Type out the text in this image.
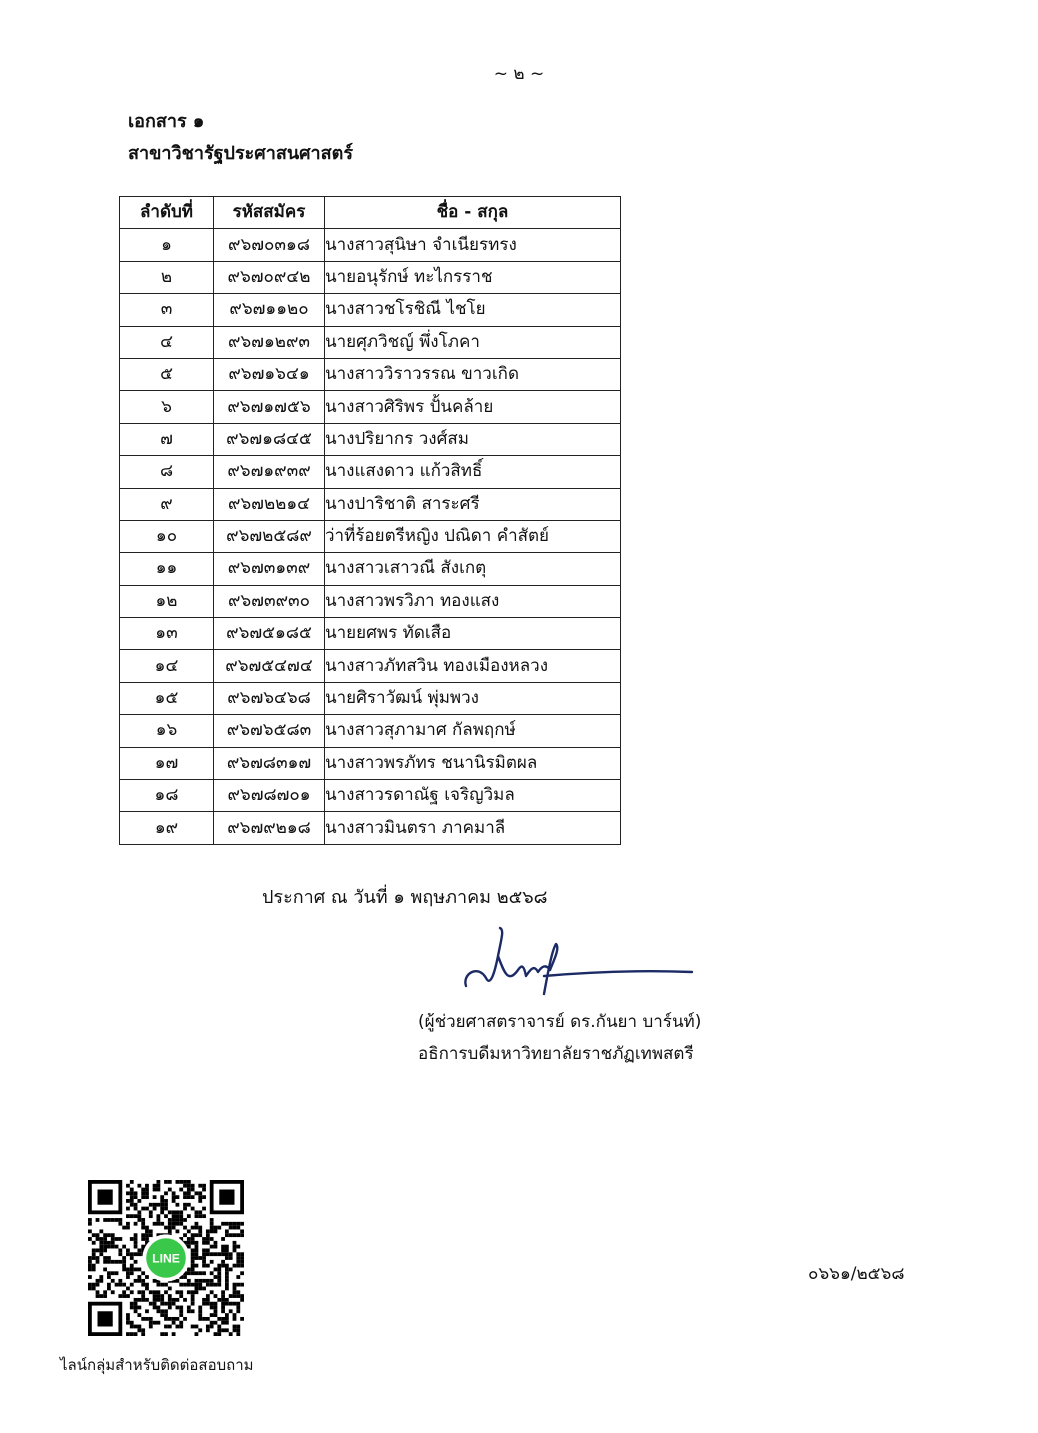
~ ๒ ~
เอกสาร ๑
สาขาวิชารัฐประศาสนศาสตร์
ลำดับที่	รหัสสมัคร	ชื่อ - สกุล
๑	๙๖๗๐๓๑๘	นางสาวสุนิษา จำเนียรทรง
๒	๙๖๗๐๙๔๒	นายอนุรักษ์ ทะไกรราช
๓	๙๖๗๑๑๒๐	นางสาวชโรชิณี ไชโย
๔	๙๖๗๑๒๙๓	นายศุภวิชญ์ พึ่งโภคา
๕	๙๖๗๑๖๔๑	นางสาววิราวรรณ ขาวเกิด
๖	๙๖๗๑๗๕๖	นางสาวศิริพร ปั้นคล้าย
๗	๙๖๗๑๘๔๕	นางปริยากร วงศ์สม
๘	๙๖๗๑๙๓๙	นางแสงดาว แก้วสิทธิ์
๙	๙๖๗๒๒๑๔	นางปาริชาติ สาระศรี
๑๐	๙๖๗๒๕๘๙	ว่าที่ร้อยตรีหญิง ปณิดา คำสัตย์
๑๑	๙๖๗๓๑๓๙	นางสาวเสาวณี สังเกตุ
๑๒	๙๖๗๓๙๓๐	นางสาวพรวิภา ทองแสง
๑๓	๙๖๗๕๑๘๕	นายยศพร ทัดเสือ
๑๔	๙๖๗๕๔๗๔	นางสาวภัทสวิน ทองเมืองหลวง
๑๕	๙๖๗๖๔๖๘	นายศิราวัฒน์ พุ่มพวง
๑๖	๙๖๗๖๕๘๓	นางสาวสุภามาศ กัลพฤกษ์
๑๗	๙๖๗๘๓๑๗	นางสาวพรภัทร ชนานิรมิตผล
๑๘	๙๖๗๘๗๐๑	นางสาวรดาณัฐ เจริญวิมล
๑๙	๙๖๗๙๒๑๘	นางสาวมินตรา ภาคมาลี
ประกาศ ณ วันที่ ๑ พฤษภาคม ๒๕๖๘
(ผู้ช่วยศาสตราจารย์ ดร.กันยา บาร์นท์)
อธิการบดีมหาวิทยาลัยราชภัฏเทพสตรี
LINE
ไลน์กลุ่มสำหรับติดต่อสอบถาม
๐๖๖๑/๒๕๖๘
